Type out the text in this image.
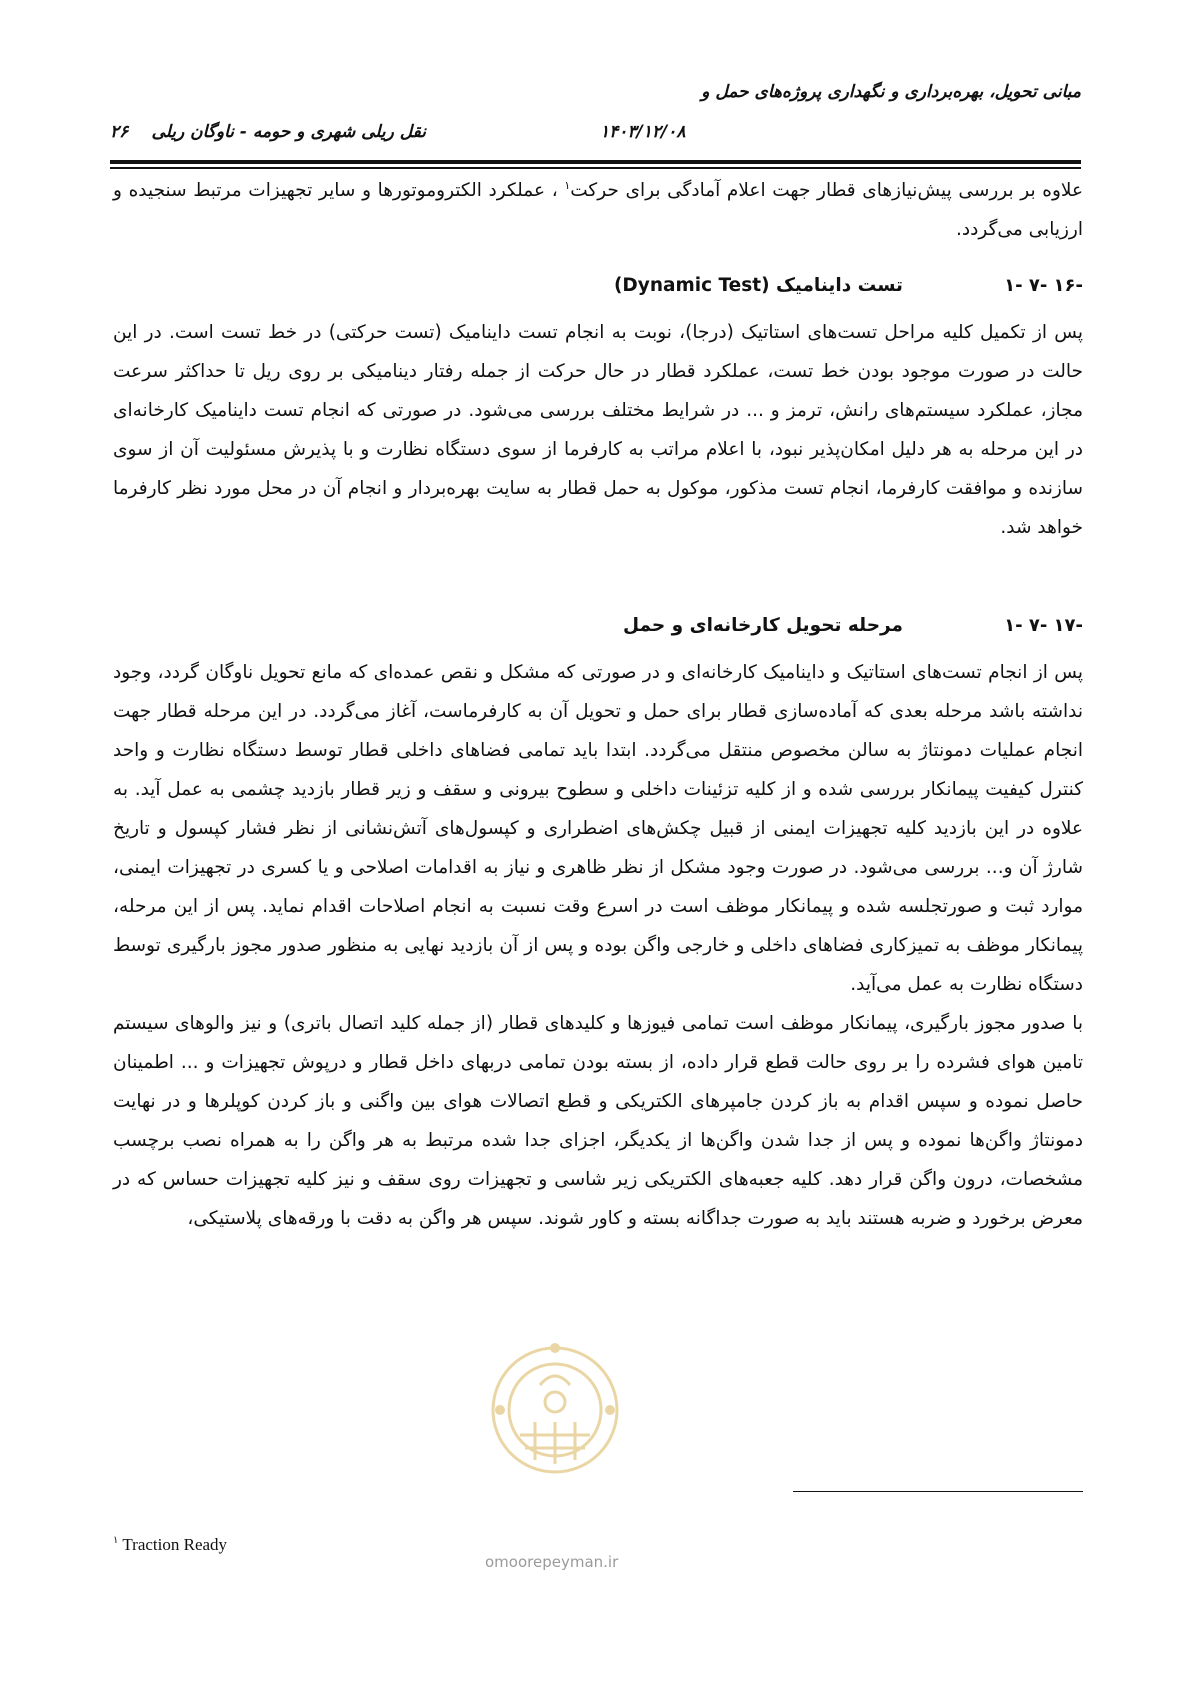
مبانی تحویل، بهره‌برداری و نگهداری پروژه‌های حمل و
نقل ریلی شهری و حومه - ناوگان ریلی	۱۴۰۳/۱۲/۰۸
۲۶

علاوه بر بررسی پیش‌نیازهای قطار جهت اعلام آمادگی برای حرکت$^۱$ ، عملکرد الکتروموتورها و سایر تجهیزات مرتبط سنجیده و ارزیابی می‌گردد.

۱- ۷- ۱۶-
تست داینامیک (Dynamic Test)

پس از تکمیل کلیه مراحل تست‌های استاتیک (درجا)، نوبت به انجام تست داینامیک (تست حرکتی) در خط تست است. در این حالت در صورت موجود بودن خط تست، عملکرد قطار در حال حرکت از جمله رفتار دینامیکی بر روی ریل تا حداکثر سرعت مجاز، عملکرد سیستم‌های رانش، ترمز و ... در شرایط مختلف بررسی می‌شود. در صورتی که انجام تست داینامیک کارخانه‌ای در این مرحله به هر دلیل امکان‌پذیر نبود، با اعلام مراتب به کارفرما از سوی دستگاه نظارت و با پذیرش مسئولیت آن از سوی سازنده و موافقت کارفرما، انجام تست مذکور، موکول به حمل قطار به سایت بهره‌بردار و انجام آن در محل مورد نظر کارفرما خواهد شد.

۱- ۷- ۱۷-
مرحله تحویل کارخانه‌ای و حمل

پس از انجام تست‌های استاتیک و داینامیک کارخانه‌ای و در صورتی که مشکل و نقص عمده‌ای که مانع تحویل ناوگان گردد، وجود نداشته باشد مرحله بعدی که آماده‌سازی قطار برای حمل و تحویل آن به کارفرماست، آغاز می‌گردد. در این مرحله قطار جهت انجام عملیات دمونتاژ به سالن مخصوص منتقل می‌گردد. ابتدا باید تمامی فضاهای داخلی قطار توسط دستگاه نظارت و واحد کنترل کیفیت پیمانکار بررسی شده و از کلیه تزئینات داخلی و سطوح بیرونی و سقف و زیر قطار بازدید چشمی به عمل آید. به علاوه در این بازدید کلیه تجهیزات ایمنی از قبیل چکش‌های اضطراری و کپسول‌های آتش‌نشانی از نظر فشار کپسول و تاریخ شارژ آن و... بررسی می‌شود. در صورت وجود مشکل از نظر ظاهری و نیاز به اقدامات اصلاحی و یا کسری در تجهیزات ایمنی، موارد ثبت و صورتجلسه شده و پیمانکار موظف است در اسرع وقت نسبت به انجام اصلاحات اقدام نماید. پس از این مرحله، پیمانکار موظف به تمیزکاری فضاهای داخلی و خارجی واگن بوده و پس از آن بازدید نهایی به منظور صدور مجوز بارگیری توسط دستگاه نظارت به عمل می‌آید.

با صدور مجوز بارگیری، پیمانکار موظف است تمامی فیوزها و کلیدهای قطار (از جمله کلید اتصال باتری) و نیز والوهای سیستم تامین هوای فشرده را بر روی حالت قطع قرار داده، از بسته بودن تمامی دربهای داخل قطار و درپوش تجهیزات و ... اطمینان حاصل نموده و سپس اقدام به باز کردن جامپرهای الکتریکی و قطع اتصالات هوای بین واگنی و باز کردن کوپلرها و در نهایت دمونتاژ واگن‌ها نموده و پس از جدا شدن واگن‌ها از یکدیگر، اجزای جدا شده مرتبط به هر واگن را به همراه نصب برچسب مشخصات، درون واگن قرار دهد. کلیه جعبه‌های الکتریکی زیر شاسی و تجهیزات روی سقف و نیز کلیه تجهیزات حساس که در معرض برخورد و ضربه هستند باید به صورت جداگانه بسته و کاور شوند. سپس هر واگن به دقت با ورقه‌های پلاستیکی،

$^۱$ Traction Ready
omoorepeyman.ir
